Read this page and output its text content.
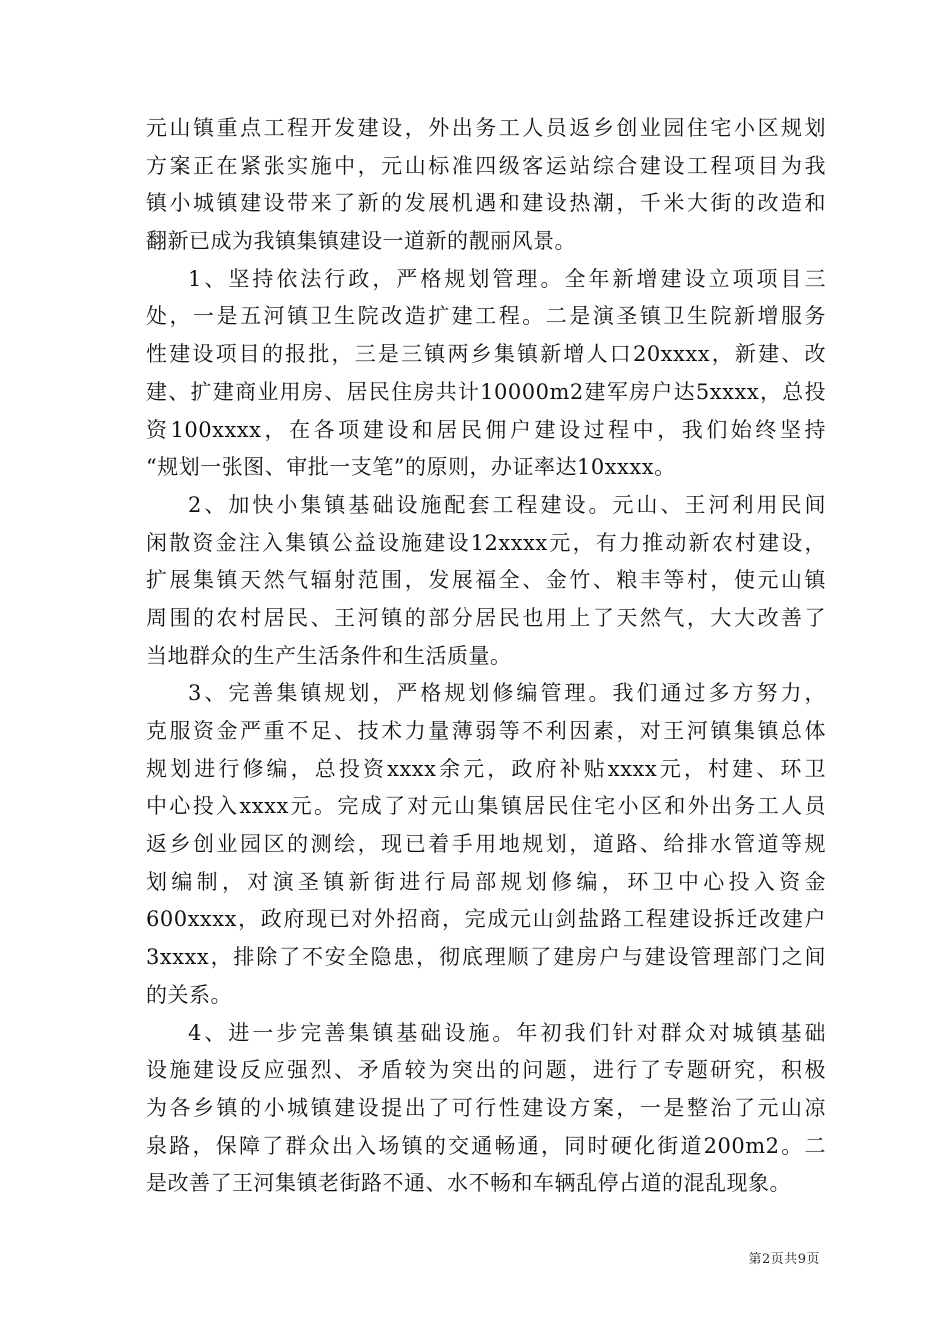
元山镇重点工程开发建设，外出务工人员返乡创业园住宅小区规划
方案正在紧张实施中，元山标准四级客运站综合建设工程项目为我
镇小城镇建设带来了新的发展机遇和建设热潮，千米大街的改造和
翻新已成为我镇集镇建设一道新的靓丽风景。
1、坚持依法行政，严格规划管理。全年新增建设立项项目三
处，一是五河镇卫生院改造扩建工程。二是演圣镇卫生院新增服务
性建设项目的报批，三是三镇两乡集镇新增人口20xxxx，新建、改
建、扩建商业用房、居民住房共计10000m2建军房户达5xxxx，总投
资100xxxx，在各项建设和居民佣户建设过程中，我们始终坚持
“规划一张图、审批一支笔”的原则，办证率达10xxxx。
2、加快小集镇基础设施配套工程建设。元山、王河利用民间
闲散资金注入集镇公益设施建设12xxxx元，有力推动新农村建设，
扩展集镇天然气辐射范围，发展福全、金竹、粮丰等村，使元山镇
周围的农村居民、王河镇的部分居民也用上了天然气，大大改善了
当地群众的生产生活条件和生活质量。
3、完善集镇规划，严格规划修编管理。我们通过多方努力，
克服资金严重不足、技术力量薄弱等不利因素，对王河镇集镇总体
规划进行修编，总投资xxxx余元，政府补贴xxxx元，村建、环卫
中心投入xxxx元。完成了对元山集镇居民住宅小区和外出务工人员
返乡创业园区的测绘，现已着手用地规划，道路、给排水管道等规
划编制，对演圣镇新街进行局部规划修编，环卫中心投入资金
600xxxx，政府现已对外招商，完成元山剑盐路工程建设拆迁改建户
3xxxx，排除了不安全隐患，彻底理顺了建房户与建设管理部门之间
的关系。
4、进一步完善集镇基础设施。年初我们针对群众对城镇基础
设施建设反应强烈、矛盾较为突出的问题，进行了专题研究，积极
为各乡镇的小城镇建设提出了可行性建设方案，一是整治了元山凉
泉路，保障了群众出入场镇的交通畅通，同时硬化街道200m2。二
是改善了王河集镇老街路不通、水不畅和车辆乱停占道的混乱现象。
第2页共9页
